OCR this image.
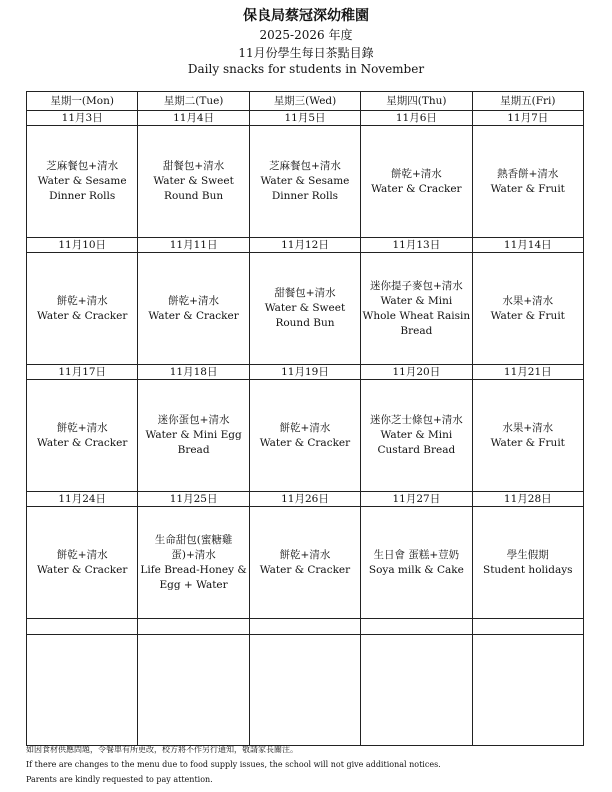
保良局蔡冠深幼稚園
2025-2026 年度
11月份學生每日茶點目錄
Daily snacks for students in November
星期一(Mon)	星期二(Tue)	星期三(Wed)	星期四(Thu)	星期五(Fri)
11月3日	11月4日	11月5日	11月6日	11月7日

芝麻餐包+清水
Water & Sesame Dinner Rolls	甜餐包+清水
Water & Sweet Round Bun	芝麻餐包+清水
Water & Sesame Dinner Rolls	餅乾+清水
Water & Cracker	熱香餅+清水
Water & Fruit

11月10日	11月11日	11月12日	11月13日	11月14日

餅乾+清水
Water & Cracker	餅乾+清水
Water & Cracker	甜餐包+清水
Water & Sweet Round Bun	迷你提子麥包+清水
Water & Mini Whole Wheat Raisin Bread	水果+清水
Water & Fruit

11月17日	11月18日	11月19日	11月20日	11月21日

餅乾+清水
Water & Cracker	迷你蛋包+清水
Water & Mini Egg Bread	餅乾+清水
Water & Cracker	迷你芝士條包+清水
Water & Mini Custard Bread	水果+清水
Water & Fruit

11月24日	11月25日	11月26日	11月27日	11月28日

餅乾+清水
Water & Cracker	生命甜包(蜜糖雞蛋)+清水
Life Bread-Honey & Egg + Water	餅乾+清水
Water & Cracker	生日會 蛋糕+荳奶
Soya milk & Cake	學生假期
Student holidays

如因食材供應問題，令餐單有所更改，校方將不作另行通知，敬請家長關注。
If there are changes to the menu due to food supply issues, the school will not give additional notices.
Parents are kindly requested to pay attention.
